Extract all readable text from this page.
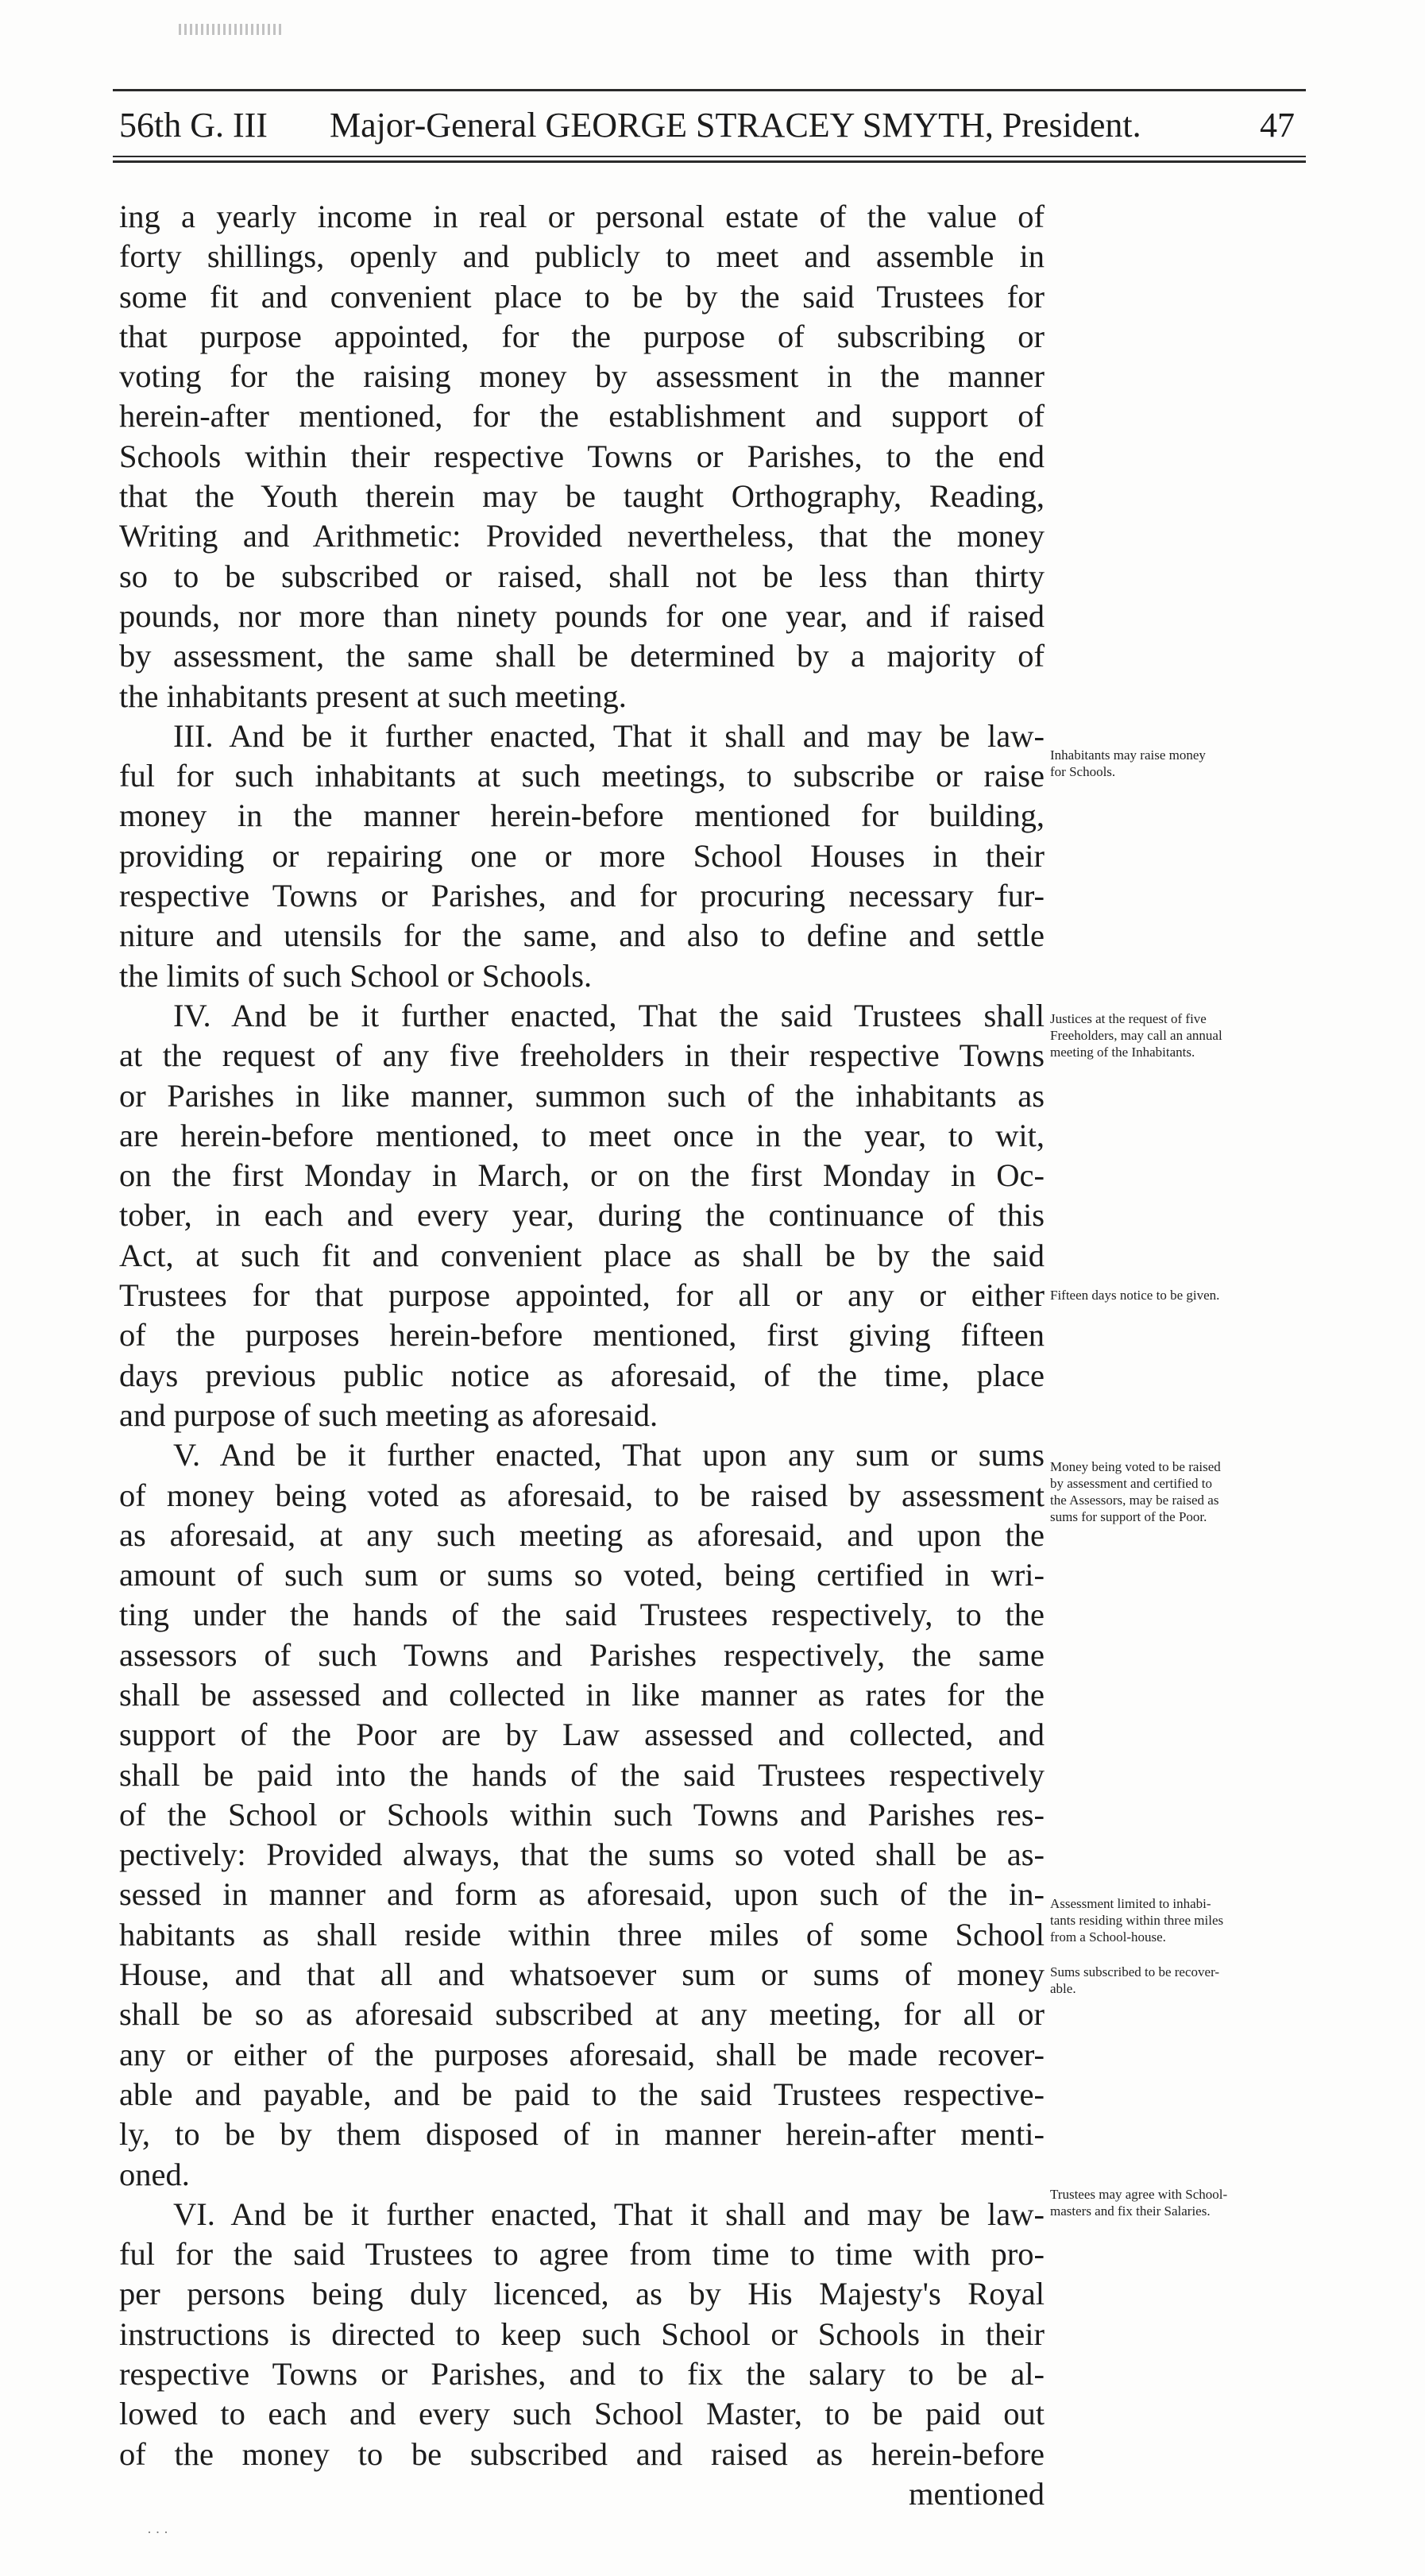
56th G. III Major-General GEORGE STRACEY SMYTH, President.	47
ing a yearly income in real or personal estate of the value of
forty shillings, openly and publicly to meet and assemble in
some fit and convenient place to be by the said Trustees for
that purpose appointed, for the purpose of subscribing or
voting for the raising money by assessment in the manner
herein-after mentioned, for the establishment and support of
Schools within their respective Towns or Parishes, to the end
that the Youth therein may be taught Orthography, Reading,
Writing and Arithmetic: Provided nevertheless, that the money
so to be subscribed or raised, shall not be less than thirty
pounds, nor more than ninety pounds for one year, and if raised
by assessment, the same shall be determined by a majority of
the inhabitants present at such meeting.
III. And be it further enacted, That it shall and may be law-
ful for such inhabitants at such meetings, to subscribe or raise
money in the manner herein-before mentioned for building,
providing or repairing one or more School Houses in their
respective Towns or Parishes, and for procuring necessary fur-
niture and utensils for the same, and also to define and settle
the limits of such School or Schools.
IV. And be it further enacted, That the said Trustees shall
at the request of any five freeholders in their respective Towns
or Parishes in like manner, summon such of the inhabitants as
are herein-before mentioned, to meet once in the year, to wit,
on the first Monday in March, or on the first Monday in Oc-
tober, in each and every year, during the continuance of this
Act, at such fit and convenient place as shall be by the said
Trustees for that purpose appointed, for all or any or either
of the purposes herein-before mentioned, first giving fifteen
days previous public notice as aforesaid, of the time, place
and purpose of such meeting as aforesaid.
V. And be it further enacted, That upon any sum or sums
of money being voted as aforesaid, to be raised by assessment
as aforesaid, at any such meeting as aforesaid, and upon the
amount of such sum or sums so voted, being certified in wri-
ting under the hands of the said Trustees respectively, to the
assessors of such Towns and Parishes respectively, the same
shall be assessed and collected in like manner as rates for the
support of the Poor are by Law assessed and collected, and
shall be paid into the hands of the said Trustees respectively
of the School or Schools within such Towns and Parishes res-
pectively: Provided always, that the sums so voted shall be as-
sessed in manner and form as aforesaid, upon such of the in-
habitants as shall reside within three miles of some School
House, and that all and whatsoever sum or sums of money
shall be so as aforesaid subscribed at any meeting, for all or
any or either of the purposes aforesaid, shall be made recover-
able and payable, and be paid to the said Trustees respective-
ly, to be by them disposed of in manner herein-after menti-
oned.
VI. And be it further enacted, That it shall and may be law-
ful for the said Trustees to agree from time to time with pro-
per persons being duly licenced, as by His Majesty's Royal
instructions is directed to keep such School or Schools in their
respective Towns or Parishes, and to fix the salary to be al-
lowed to each and every such School Master, to be paid out
of the money to be subscribed and raised as herein-before
mentioned
Inhabitants may raise money
for Schools.
Justices at the request of five
Freeholders, may call an annual
meeting of the Inhabitants.
Fifteen days notice to be given.
Money being voted to be raised
by assessment and certified to
the Assessors, may be raised as
sums for support of the Poor.
Assessment limited to inhabi-
tants residing within three miles
from a School-house.
Sums subscribed to be recover-
able.
Trustees may agree with School-
masters and fix their Salaries.
· · ·
